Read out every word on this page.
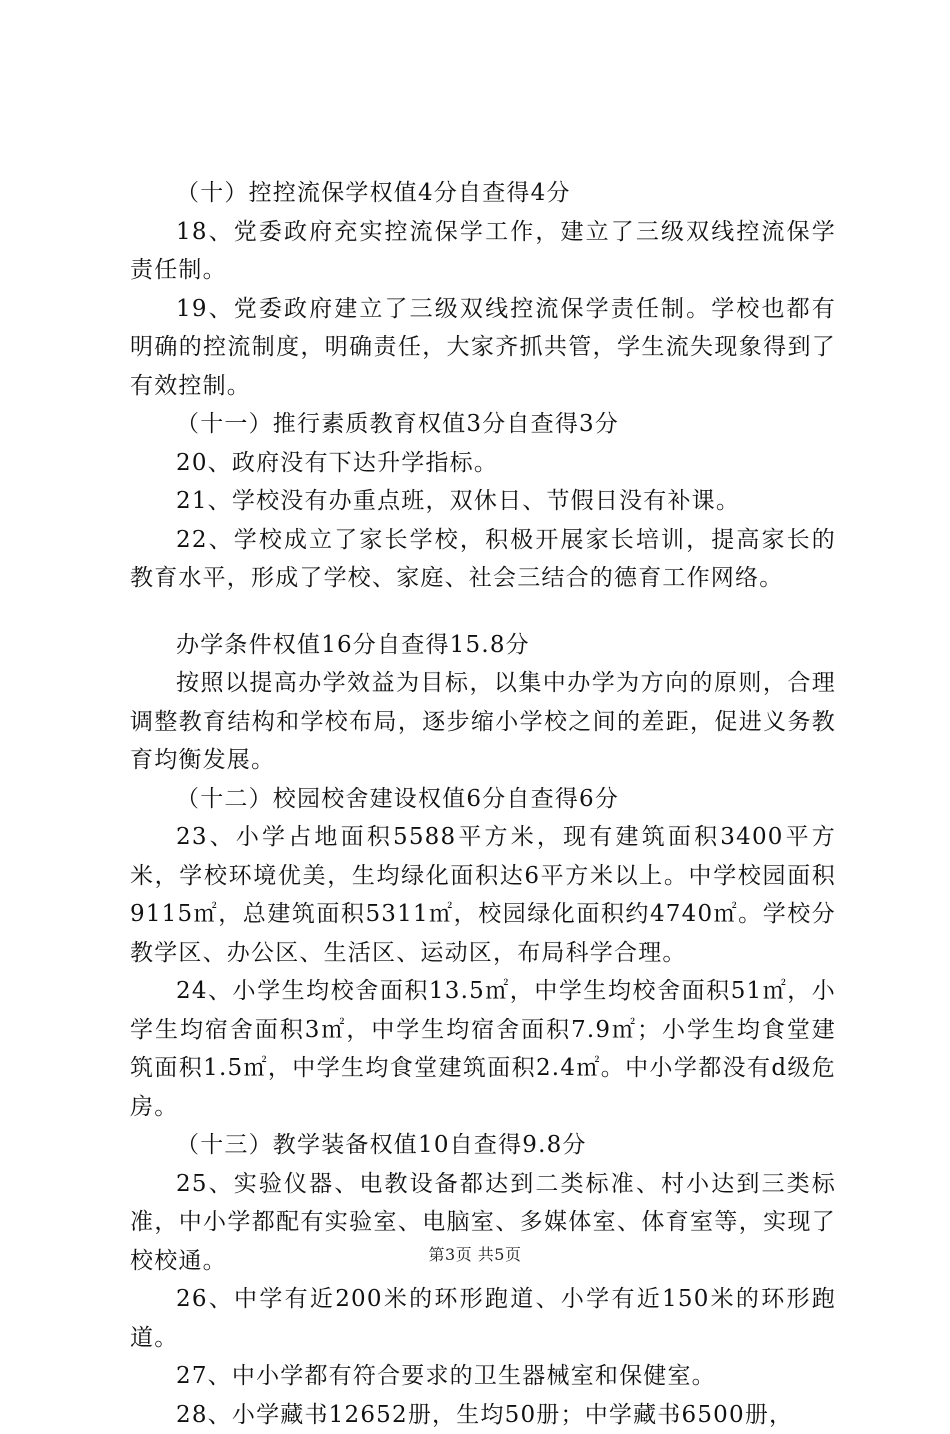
（十）控控流保学权值4分自查得4分

18、党委政府充实控流保学工作，建立了三级双线控流保学责任制。

19、党委政府建立了三级双线控流保学责任制。学校也都有明确的控流制度，明确责任，大家齐抓共管，学生流失现象得到了有效控制。

（十一）推行素质教育权值3分自查得3分

20、政府没有下达升学指标。

21、学校没有办重点班，双休日、节假日没有补课。

22、学校成立了家长学校，积极开展家长培训，提高家长的教育水平，形成了学校、家庭、社会三结合的德育工作网络。

办学条件权值16分自查得15.8分

按照以提高办学效益为目标，以集中办学为方向的原则，合理调整教育结构和学校布局，逐步缩小学校之间的差距，促进义务教育均衡发展。

（十二）校园校舍建设权值6分自查得6分

23、小学占地面积5588平方米，现有建筑面积3400平方米，学校环境优美，生均绿化面积达6平方米以上。中学校园面积9115㎡，总建筑面积5311㎡，校园绿化面积约4740㎡。学校分教学区、办公区、生活区、运动区，布局科学合理。

24、小学生均校舍面积13.5㎡，中学生均校舍面积51㎡，小学生均宿舍面积3㎡，中学生均宿舍面积7.9㎡；小学生均食堂建筑面积1.5㎡，中学生均食堂建筑面积2.4㎡。中小学都没有d级危房。

（十三）教学装备权值10自查得9.8分

25、实验仪器、电教设备都达到二类标准、村小达到三类标准，中小学都配有实验室、电脑室、多媒体室、体育室等，实现了校校通。

26、中学有近200米的环形跑道、小学有近150米的环形跑道。

27、中小学都有符合要求的卫生器械室和保健室。

28、小学藏书12652册，生均50册；中学藏书6500册，

第3页 共5页
